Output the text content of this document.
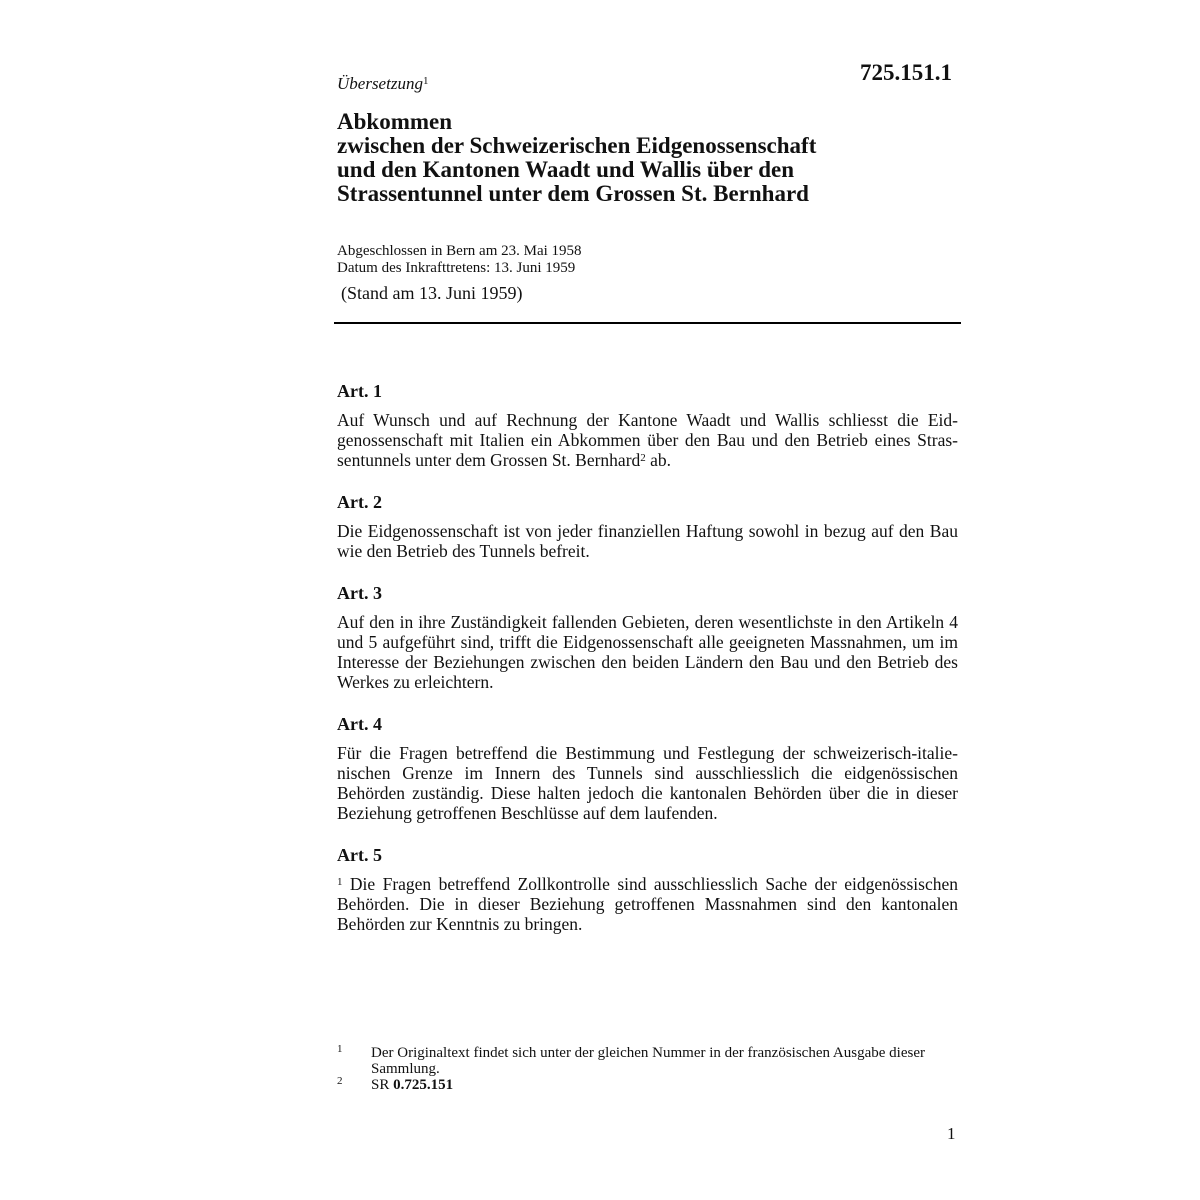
Übersetzung$^1$	725.151.1
Abkommen
zwischen der Schweizerischen Eidgenossenschaft
und den Kantonen Waadt und Wallis über den
Strassentunnel unter dem Grossen St. Bernhard
Abgeschlossen in Bern am 23. Mai 1958
Datum des Inkrafttretens: 13. Juni 1959
(Stand am 13. Juni 1959)
Art. 1
Auf Wunsch und auf Rechnung der Kantone Waadt und Wallis schliesst die Eidgenossenschaft mit Italien ein Abkommen über den Bau und den Betrieb eines Strassentunnels unter dem Grossen St. Bernhard$^2$ ab.
Art. 2
Die Eidgenossenschaft ist von jeder finanziellen Haftung sowohl in bezug auf den Bau wie den Betrieb des Tunnels befreit.
Art. 3
Auf den in ihre Zuständigkeit fallenden Gebieten, deren wesentlichste in den Artikeln 4 und 5 aufgeführt sind, trifft die Eidgenossenschaft alle geeigneten Massnahmen, um im Interesse der Beziehungen zwischen den beiden Ländern den Bau und den Betrieb des Werkes zu erleichtern.
Art. 4
Für die Fragen betreffend die Bestimmung und Festlegung der schweizerisch-italienischen Grenze im Innern des Tunnels sind ausschliesslich die eidgenössischen Behörden zuständig. Diese halten jedoch die kantonalen Behörden über die in dieser Beziehung getroffenen Beschlüsse auf dem laufenden.
Art. 5
$^1$ Die Fragen betreffend Zollkontrolle sind ausschliesslich Sache der eidgenössischen Behörden. Die in dieser Beziehung getroffenen Massnahmen sind den kantonalen Behörden zur Kenntnis zu bringen.
1 Der Originaltext findet sich unter der gleichen Nummer in der französischen Ausgabe dieser Sammlung.
2 SR 0.725.151
1
